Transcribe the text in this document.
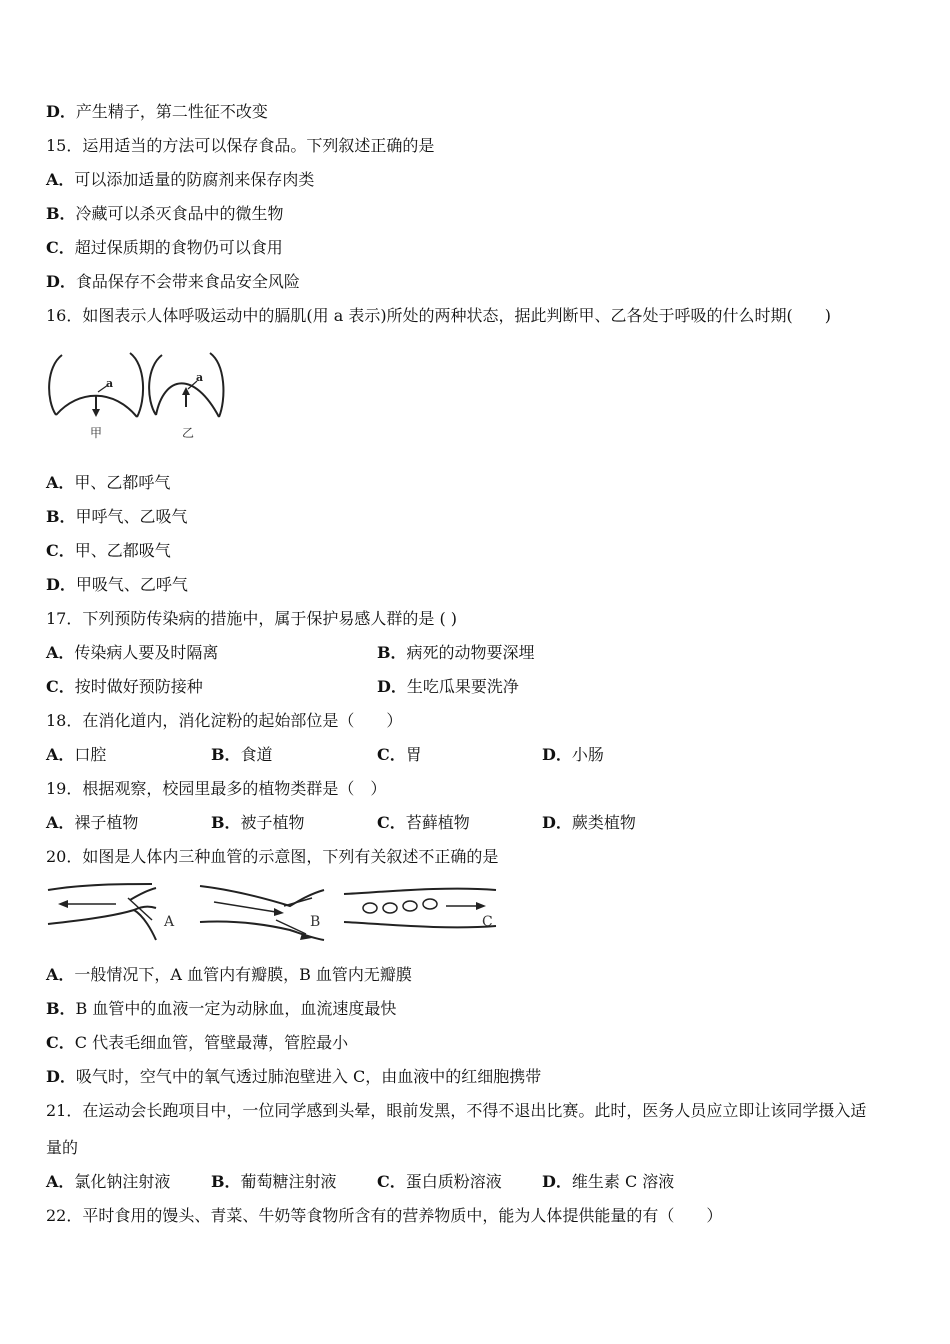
D．产生精子，第二性征不改变
15．运用适当的方法可以保存食品。下列叙述正确的是
A．可以添加适量的防腐剂来保存肉类
B．冷藏可以杀灭食品中的微生物
C．超过保质期的食物仍可以食用
D．食品保存不会带来食品安全风险
16．如图表示人体呼吸运动中的膈肌(用 a 表示)所处的两种状态，据此判断甲、乙各处于呼吸的什么时期(　　)
a	a
甲	乙
A．甲、乙都呼气
B．甲呼气、乙吸气
C．甲、乙都吸气
D．甲吸气、乙呼气
17．下列预防传染病的措施中，属于保护易感人群的是 ( )
A．传染病人要及时隔离	B．病死的动物要深埋
C．按时做好预防接种	D．生吃瓜果要洗净
18．在消化道内，消化淀粉的起始部位是（　　）
A．口腔	B．食道	C．胃	D．小肠
19．根据观察，校园里最多的植物类群是（　）
A．裸子植物	B．被子植物	C．苔藓植物	D．蕨类植物
20．如图是人体内三种血管的示意图，下列有关叙述不正确的是
A	B	C
A．一般情况下，A 血管内有瓣膜，B 血管内无瓣膜
B．B 血管中的血液一定为动脉血，血流速度最快
C．C 代表毛细血管，管壁最薄，管腔最小
D．吸气时，空气中的氧气透过肺泡壁进入 C，由血液中的红细胞携带
21．在运动会长跑项目中，一位同学感到头晕，眼前发黑，不得不退出比赛。此时，医务人员应立即让该同学摄入适
量的
A．氯化钠注射液	B．葡萄糖注射液	C．蛋白质粉溶液	D．维生素 C 溶液
22．平时食用的馒头、青菜、牛奶等食物所含有的营养物质中，能为人体提供能量的有（　　）
